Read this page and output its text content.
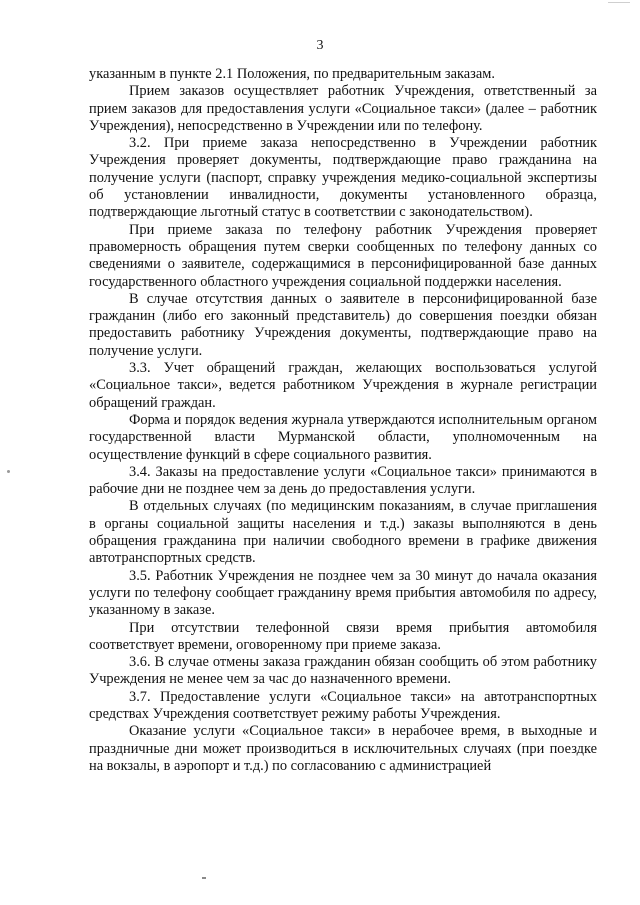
3

указанным в пункте 2.1 Положения, по предварительным заказам.

Прием заказов осуществляет работник Учреждения, ответственный за прием заказов для предоставления услуги «Социальное такси» (далее – работник Учреждения), непосредственно в Учреждении или по телефону.

3.2. При приеме заказа непосредственно в Учреждении работник Учреждения проверяет документы, подтверждающие право гражданина на получение услуги (паспорт, справку учреждения медико-социальной экспертизы об установлении инвалидности, документы установленного образца, подтверждающие льготный статус в соответствии с законодательством).

При приеме заказа по телефону работник Учреждения проверяет правомерность обращения путем сверки сообщенных по телефону данных со сведениями о заявителе, содержащимися в персонифицированной базе данных государственного областного учреждения социальной поддержки населения.

В случае отсутствия данных о заявителе в персонифицированной базе гражданин (либо его законный представитель) до совершения поездки обязан предоставить работнику Учреждения документы, подтверждающие право на получение услуги.

3.3. Учет обращений граждан, желающих воспользоваться услугой «Социальное такси», ведется работником Учреждения в журнале регистрации обращений граждан.

Форма и порядок ведения журнала утверждаются исполнительным органом государственной власти Мурманской области, уполномоченным на осуществление функций в сфере социального развития.

3.4. Заказы на предоставление услуги «Социальное такси» принимаются в рабочие дни не позднее чем за день до предоставления услуги.

В отдельных случаях (по медицинским показаниям, в случае приглашения в органы социальной защиты населения и т.д.) заказы выполняются в день обращения гражданина при наличии свободного времени в графике движения автотранспортных средств.

3.5. Работник Учреждения не позднее чем за 30 минут до начала оказания услуги по телефону сообщает гражданину время прибытия автомобиля по адресу, указанному в заказе.

При отсутствии телефонной связи время прибытия автомобиля соответствует времени, оговоренному при приеме заказа.

3.6. В случае отмены заказа гражданин обязан сообщить об этом работнику Учреждения не менее чем за час до назначенного времени.

3.7. Предоставление услуги «Социальное такси» на автотранспортных средствах Учреждения соответствует режиму работы Учреждения.

Оказание услуги «Социальное такси» в нерабочее время, в выходные и праздничные дни может производиться в исключительных случаях (при поездке на вокзалы, в аэропорт и т.д.) по согласованию с администрацией
